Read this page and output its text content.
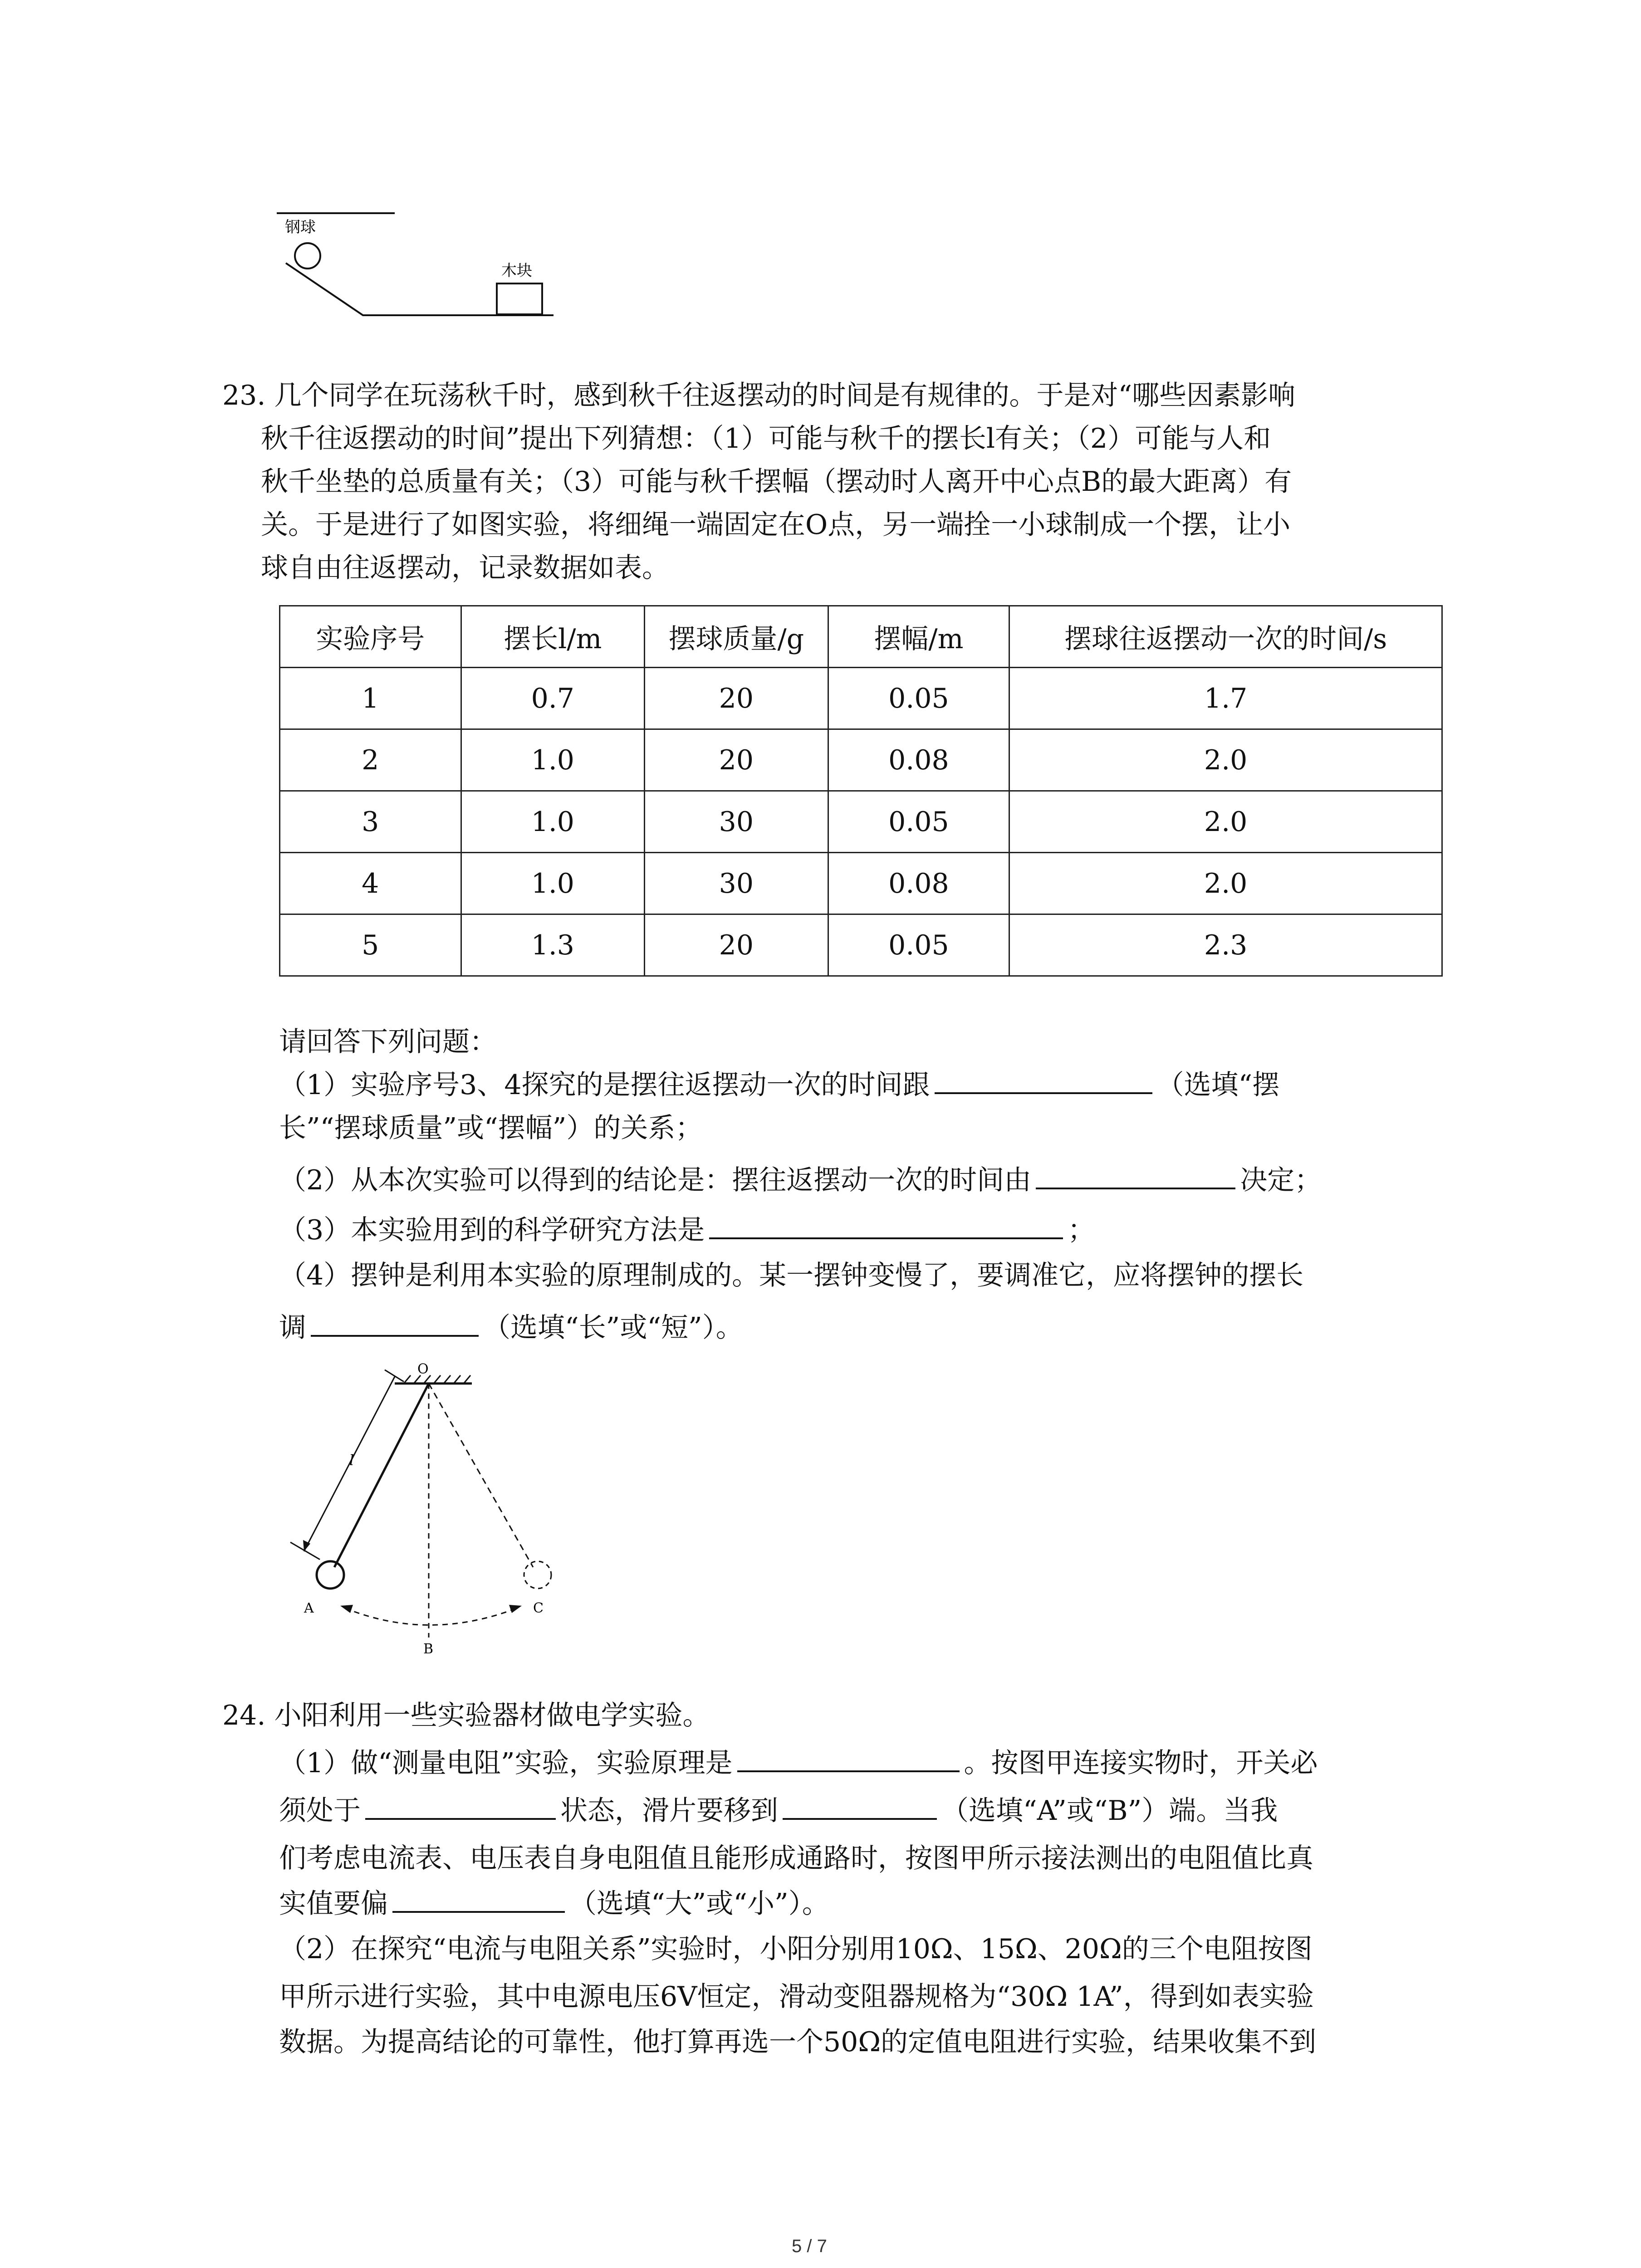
钢球
木块
23. 几个同学在玩荡秋千时，感到秋千往返摆动的时间是有规律的。于是对“哪些因素影响
秋千往返摆动的时间”提出下列猜想：（1）可能与秋千的摆长l有关；（2）可能与人和
秋千坐垫的总质量有关；（3）可能与秋千摆幅（摆动时人离开中心点B的最大距离）有
关。于是进行了如图实验，将细绳一端固定在O点，另一端拴一小球制成一个摆，让小
球自由往返摆动，记录数据如表。
实验序号	摆长l/m	摆球质量/g	摆幅/m	摆球往返摆动一次的时间/s
1	0.7	20	0.05	1.7
2	1.0	20	0.08	2.0
3	1.0	30	0.05	2.0
4	1.0	30	0.08	2.0
5	1.3	20	0.05	2.3
请回答下列问题：
（1）实验序号3、4探究的是摆往返摆动一次的时间跟	（选填“摆
长”“摆球质量”或“摆幅”）的关系；
（2）从本次实验可以得到的结论是：摆往返摆动一次的时间由	决定；
（3）本实验用到的科学研究方法是	；
（4）摆钟是利用本实验的原理制成的。某一摆钟变慢了，要调准它，应将摆钟的摆长
调	（选填“长”或“短”）。
O
l
A
B
C
24. 小阳利用一些实验器材做电学实验。
（1）做“测量电阻”实验，实验原理是	。按图甲连接实物时，开关必
须处于	状态，滑片要移到	（选填“A”或“B”）端。当我
们考虑电流表、电压表自身电阻值且能形成通路时，按图甲所示接法测出的电阻值比真
实值要偏	（选填“大”或“小”）。
（2）在探究“电流与电阻关系”实验时，小阳分别用10Ω、15Ω、20Ω的三个电阻按图
甲所示进行实验，其中电源电压6V恒定，滑动变阻器规格为“30Ω 1A”，得到如表实验
数据。为提高结论的可靠性，他打算再选一个50Ω的定值电阻进行实验，结果收集不到
5 / 7
